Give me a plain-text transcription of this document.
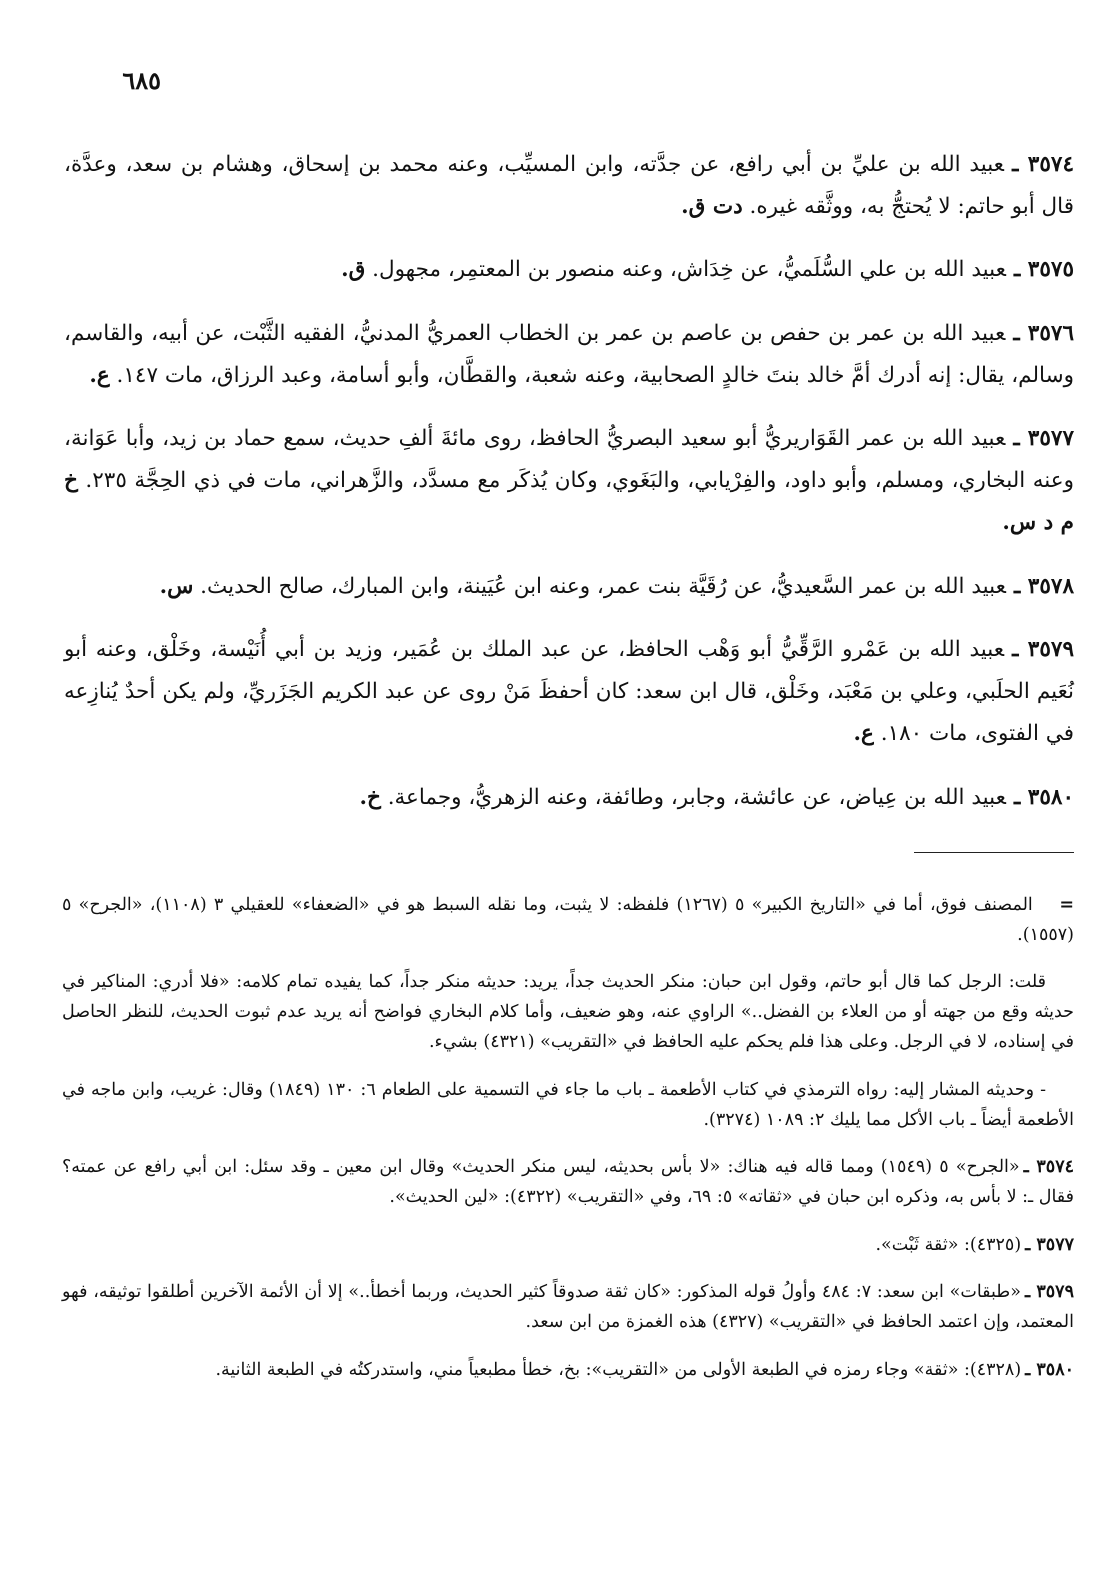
٦٨٥

٣٥٧٤ ـعبيد الله بن عليِّ بن أبي رافع، عن جدَّته، وابن المسيِّب، وعنه محمد بن إسحاق، وهشام بن سعد، وعدَّة، قال أبو حاتم: لا يُحتجُّ به، ووثَّقه غيره. دت ق.

٣٥٧٥ ـعبيد الله بن علي السُّلَميُّ، عن خِدَاش، وعنه منصور بن المعتمِر، مجهول. ق.

٣٥٧٦ ـعبيد الله بن عمر بن حفص بن عاصم بن عمر بن الخطاب العمريُّ المدنيُّ، الفقيه الثَّبْت، عن أبيه، والقاسم، وسالم، يقال: إنه أدرك أمَّ خالد بنتَ خالدٍ الصحابية، وعنه شعبة، والقطَّان، وأبو أسامة، وعبد الرزاق، مات ١٤٧. ع.

٣٥٧٧ ـعبيد الله بن عمر القَوَاريريُّ أبو سعيد البصريُّ الحافظ، روى مائةَ ألفِ حديث، سمع حماد بن زيد، وأبا عَوَانة، وعنه البخاري، ومسلم، وأبو داود، والفِرْيابي، والبَغَوي، وكان يُذكَر مع مسدَّد، والزَّهراني، مات في ذي الحِجَّة ٢٣٥. خ م د س.

٣٥٧٨ ـعبيد الله بن عمر السَّعيديُّ، عن رُقَيَّة بنت عمر، وعنه ابن عُيَينة، وابن المبارك، صالح الحديث. س.

٣٥٧٩ ـعبيد الله بن عَمْرو الرَّقِّيُّ أبو وَهْب الحافظ، عن عبد الملك بن عُمَير، وزيد بن أبي أُنَيْسة، وخَلْق، وعنه أبو نُعَيم الحلَبي، وعلي بن مَعْبَد، وخَلْق، قال ابن سعد: كان أحفظَ مَنْ روى عن عبد الكريم الجَزَريِّ، ولم يكن أحدٌ يُنازِعه في الفتوى، مات ١٨٠. ع.

٣٥٨٠ ـعبيد الله بن عِياض، عن عائشة، وجابر، وطائفة، وعنه الزهريُّ، وجماعة. خ.

= المصنف فوق، أما في «التاريخ الكبير» ٥ (١٢٦٧) فلفظه: لا يثبت، وما نقله السبط هو في «الضعفاء» للعقيلي ٣ (١١٠٨)، «الجرح» ٥ (١٥٥٧).

قلت: الرجل كما قال أبو حاتم، وقول ابن حبان: منكر الحديث جداً، يريد: حديثه منكر جداً، كما يفيده تمام كلامه: «فلا أدري: المناكير في حديثه وقع من جهته أو من العلاء بن الفضل..» الراوي عنه، وهو ضعيف، وأما كلام البخاري فواضح أنه يريد عدم ثبوت الحديث، للنظر الحاصل في إسناده، لا في الرجل. وعلى هذا فلم يحكم عليه الحافظ في «التقريب» (٤٣٢١) بشيء.

- وحديثه المشار إليه: رواه الترمذي في كتاب الأطعمة ـ باب ما جاء في التسمية على الطعام ٦: ١٣٠ (١٨٤٩) وقال: غريب، وابن ماجه في الأطعمة أيضاً ـ باب الأكل مما يليك ٢: ١٠٨٩ (٣٢٧٤).

٣٥٧٤ ـ«الجرح» ٥ (١٥٤٩) ومما قاله فيه هناك: «لا بأس بحديثه، ليس منكر الحديث» وقال ابن معين ـ وقد سئل: ابن أبي رافع عن عمته؟ فقال ـ: لا بأس به، وذكره ابن حبان في «ثقاته» ٥: ٦٩، وفي «التقريب» (٤٣٢٢): «لين الحديث».

٣٥٧٧ ـ(٤٣٢٥): «ثقة ثَبْت».

٣٥٧٩ ـ«طبقات» ابن سعد: ٧: ٤٨٤ وأولُ قوله المذكور: «كان ثقة صدوقاً كثير الحديث، وربما أخطأ..» إلا أن الأئمة الآخرين أطلقوا توثيقه، فهو المعتمد، وإن اعتمد الحافظ في «التقريب» (٤٣٢٧) هذه الغمزة من ابن سعد.

٣٥٨٠ ـ(٤٣٢٨): «ثقة» وجاء رمزه في الطبعة الأولى من «التقريب»: بخ، خطأ مطبعياً مني، واستدركتُه في الطبعة الثانية.
